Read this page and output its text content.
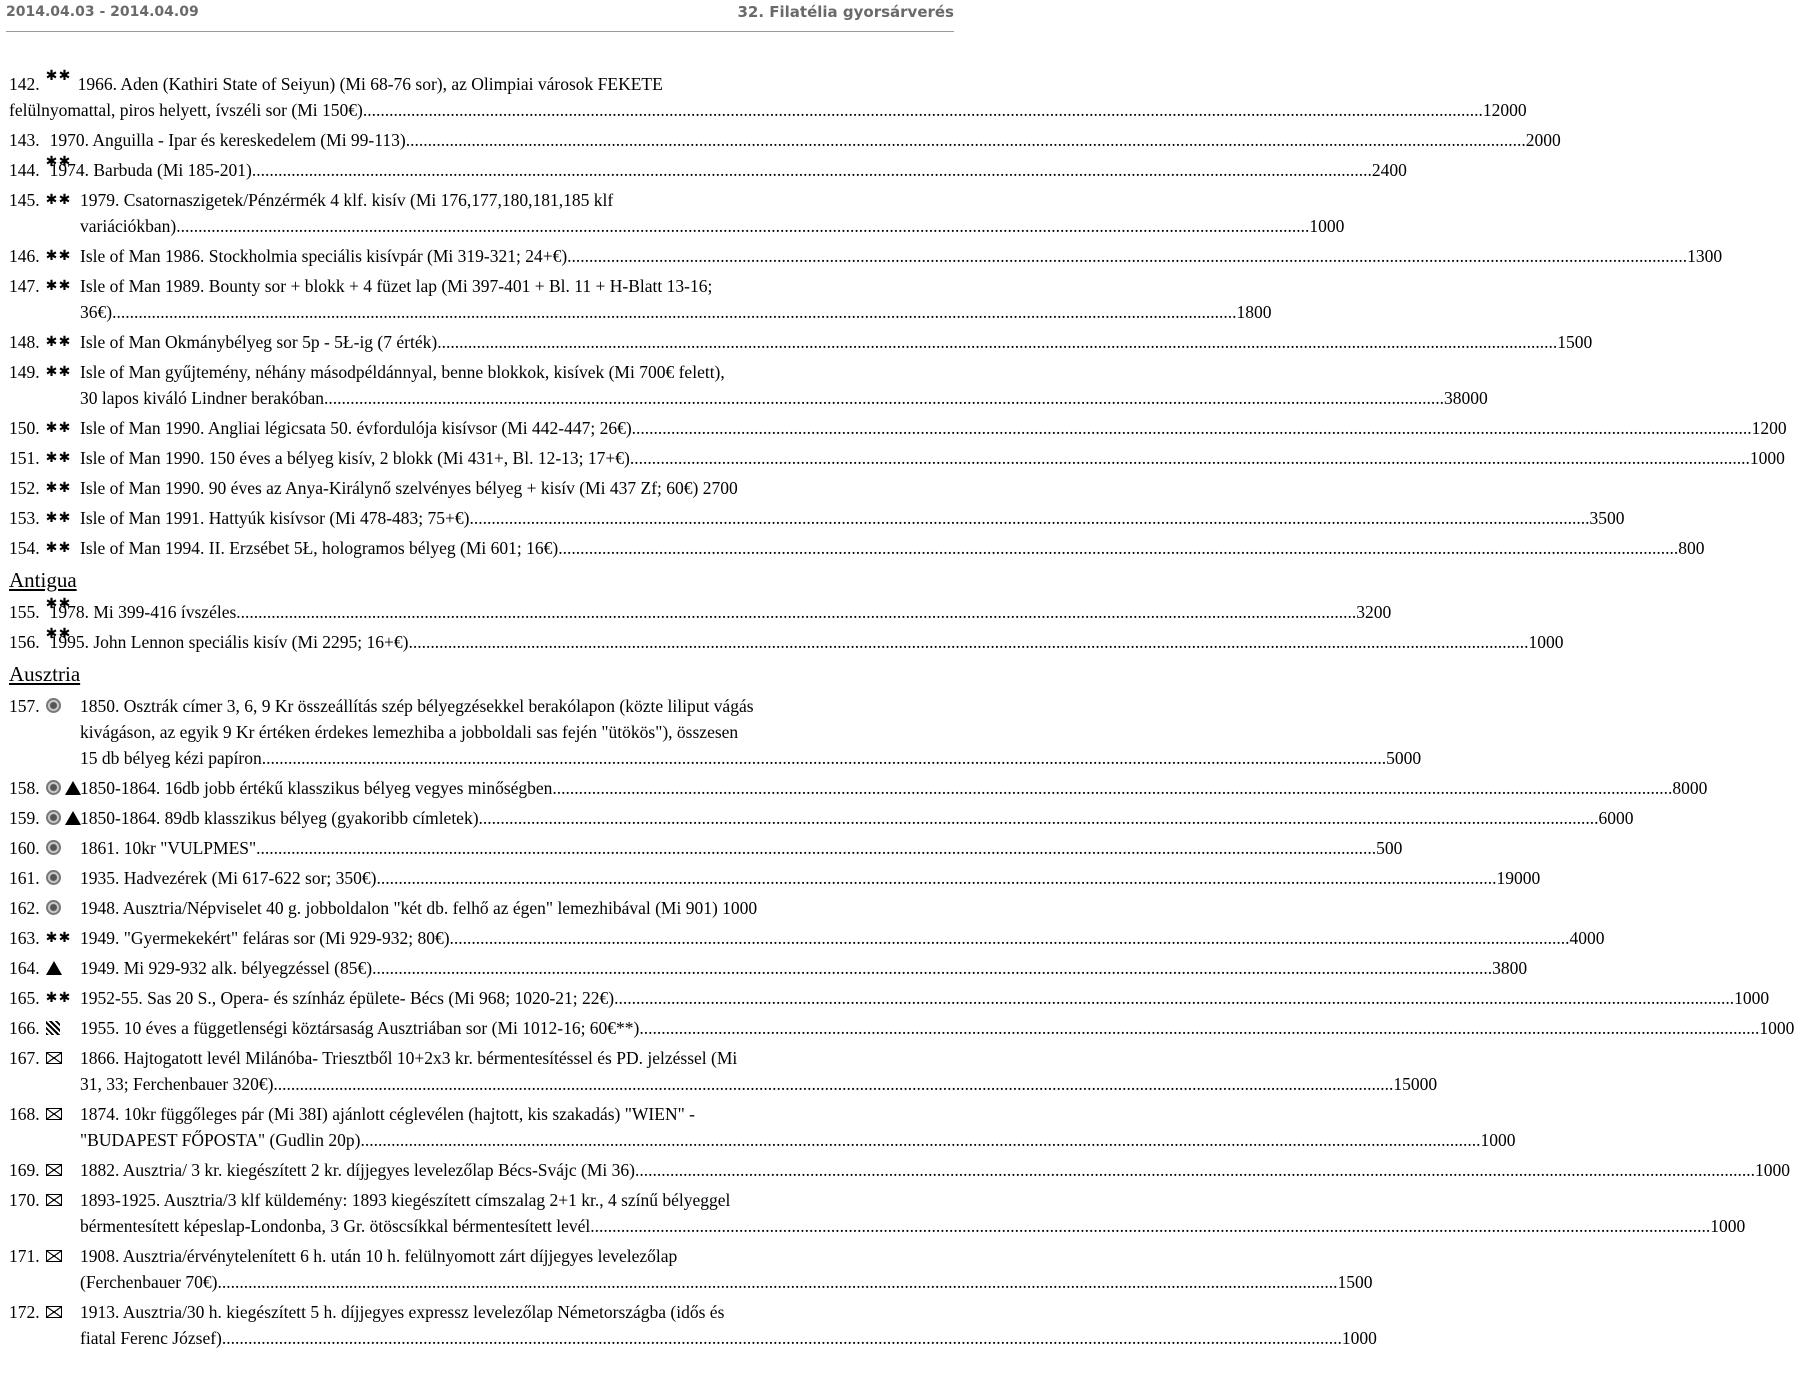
2014.04.03 - 2014.04.09	32. Filatélia gyorsárverés
142. ✱ ✱ 1966. Aden (Kathiri State of Seiyun) (Mi 68-76 sor), az Olimpiai városok FEKETE
felülnyomattal, piros helyett, ívszéli sor (Mi 150€) .....	12000
143. 1970. Anguilla - Ipar és kereskedelem (Mi 99-113) .....	2000
144. 1974. Barbuda (Mi 185-201) .....	2400
145. ✱ ✱	1979. Csatornaszigetek/Pénzérmék 4 klf. kisív (Mi 176,177,180,181,185 klf
variációkban)... .....	1000
146. ✱ ✱	Isle of Man 1986. Stockholmia speciális kisívpár (Mi 319-321; 24+€) .....	1300
147. ✱ ✱	Isle of Man 1989. Bounty sor + blokk + 4 füzet lap (Mi 397-401 + Bl. 11 + H-Blatt 13-16;
36€). .....	1800
148. ✱ ✱	Isle of Man Okmánybélyeg sor 5p - 5Ł-ig (7 érték) .....	1500
149. ✱ ✱	Isle of Man gyűjtemény, néhány másodpéldánnyal, benne blokkok, kisívek (Mi 700€ felett),
30 lapos kiváló Lindner berakóban .....	38000
150. ✱ ✱	Isle of Man 1990. Angliai légicsata 50. évfordulója kisívsor (Mi 442-447; 26€) .....	1200
151. ✱ ✱	Isle of Man 1990. 150 éves a bélyeg kisív, 2 blokk (Mi 431+, Bl. 12-13; 17+€) .....	1000
152. ✱ ✱	Isle of Man 1990. 90 éves az Anya-Királynő szelvényes bélyeg + kisív (Mi 437 Zf; 60€) 2700
153. ✱ ✱	Isle of Man 1991. Hattyúk kisívsor (Mi 478-483; 75+€) .....	3500
154. ✱ ✱	Isle of Man 1994. II. Erzsébet 5Ł, hologramos bélyeg (Mi 601; 16€) .....	800
Antigua
155. 1978. Mi 399-416 ívszéles .....	3200
156. 1995. John Lennon speciális kisív (Mi 2295; 16+€) .....	1000
Ausztria
157.	1850. Osztrák címer 3, 6, 9 Kr összeállítás szép bélyegzésekkel berakólapon (közte liliput vágás
kivágáson, az egyik 9 Kr értéken érdekes lemezhiba a jobboldali sas fején "ütökös"), összesen
15 db bélyeg kézi papíron. .....	5000
158.	1850-1864. 16db jobb értékű klasszikus bélyeg vegyes minőségben .....	8000
159.	1850-1864. 89db klasszikus bélyeg (gyakoribb címletek) .....	6000
160.	1861. 10kr "VULPMES" .....	500
161.	1935. Hadvezérek (Mi 617-622 sor; 350€) .....	19000
162.	1948. Ausztria/Népviselet 40 g. jobboldalon "két db. felhő az égen" lemezhibával (Mi 901) 1000
163. ✱ ✱	1949. "Gyermekekért" feláras sor (Mi 929-932; 80€) .....	4000
164.	1949. Mi 929-932 alk. bélyegzéssel (85€) .....	3800
165. ✱ ✱	1952-55. Sas 20 S., Opera- és színház épülete- Bécs (Mi 968; 1020-21; 22€) .....	1000
166.	1955. 10 éves a függetlenségi köztársaság Ausztriában sor (Mi 1012-16; 60€**) .....	1000
167.	1866. Hajtogatott levél Milánóba- Triesztből 10+2x3 kr. bérmentesítéssel és PD. jelzéssel (Mi
31, 33; Ferchenbauer 320€) .....	15000
168.	1874. 10kr függőleges pár (Mi 38I) ajánlott céglevélen (hajtott, kis szakadás) "WIEN" -
"BUDAPEST FŐPOSTA" (Gudlin 20p) .....	1000
169.	1882. Ausztria/ 3 kr. kiegészített 2 kr. díjjegyes levelezőlap Bécs-Svájc (Mi 36) .....	1000
170.	1893-1925. Ausztria/3 klf küldemény: 1893 kiegészített címszalag 2+1 kr., 4 színű bélyeggel
bérmentesített képeslap-Londonba, 3 Gr. ötöscsíkkal bérmentesített levél .....	1000
171.	1908. Ausztria/érvénytelenített 6 h. után 10 h. felülnyomott zárt díjjegyes levelezőlap
(Ferchenbauer 70€) .....	1500
172.	1913. Ausztria/30 h. kiegészített 5 h. díjjegyes expressz levelezőlap Németországba (idős és
fiatal Ferenc József) .....	1000
